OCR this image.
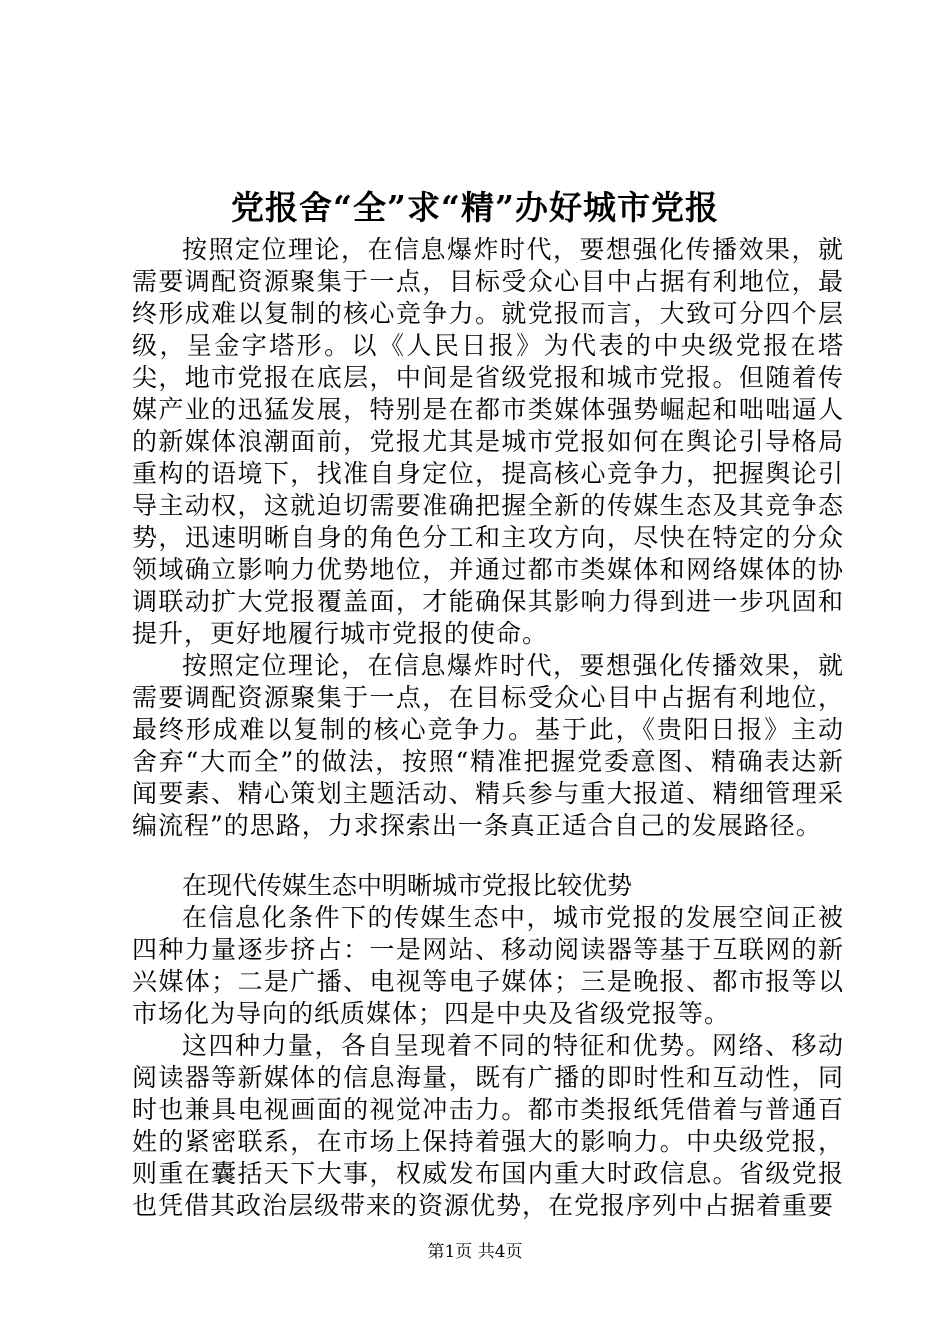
党报舍“全”求“精”办好城市党报

按照定位理论，在信息爆炸时代，要想强化传播效果，就需要调配资源聚集于一点，目标受众心目中占据有利地位，最终形成难以复制的核心竞争力。就党报而言，大致可分四个层级，呈金字塔形。以《人民日报》为代表的中央级党报在塔尖，地市党报在底层，中间是省级党报和城市党报。但随着传媒产业的迅猛发展，特别是在都市类媒体强势崛起和咄咄逼人的新媒体浪潮面前，党报尤其是城市党报如何在舆论引导格局重构的语境下，找准自身定位，提高核心竞争力，把握舆论引导主动权，这就迫切需要准确把握全新的传媒生态及其竞争态势，迅速明晰自身的角色分工和主攻方向，尽快在特定的分众领域确立影响力优势地位，并通过都市类媒体和网络媒体的协调联动扩大党报覆盖面，才能确保其影响力得到进一步巩固和提升，更好地履行城市党报的使命。

按照定位理论，在信息爆炸时代，要想强化传播效果，就需要调配资源聚集于一点，在目标受众心目中占据有利地位，最终形成难以复制的核心竞争力。基于此，《贵阳日报》主动舍弃“大而全”的做法，按照“精准把握党委意图、精确表达新闻要素、精心策划主题活动、精兵参与重大报道、精细管理采编流程”的思路，力求探索出一条真正适合自己的发展路径。

在现代传媒生态中明晰城市党报比较优势

在信息化条件下的传媒生态中，城市党报的发展空间正被四种力量逐步挤占：一是网站、移动阅读器等基于互联网的新兴媒体；二是广播、电视等电子媒体；三是晚报、都市报等以市场化为导向的纸质媒体；四是中央及省级党报等。

这四种力量，各自呈现着不同的特征和优势。网络、移动阅读器等新媒体的信息海量，既有广播的即时性和互动性，同时也兼具电视画面的视觉冲击力。都市类报纸凭借着与普通百姓的紧密联系，在市场上保持着强大的影响力。中央级党报，则重在囊括天下大事，权威发布国内重大时政信息。省级党报也凭借其政治层级带来的资源优势，在党报序列中占据着重要

第1页 共4页
